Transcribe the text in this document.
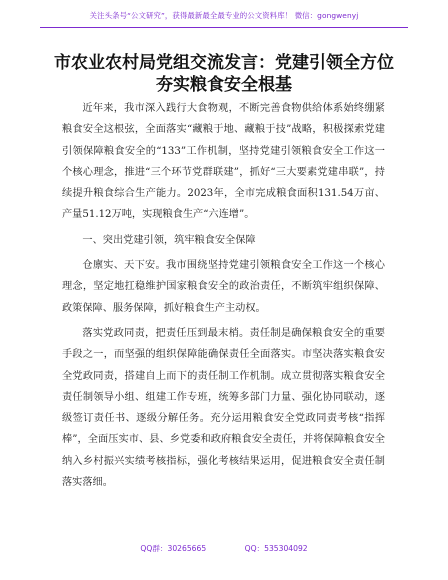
关注头条号“公文研究”，获得最新最全最专业的公文资料库！ 微信：gongwenyj
市农业农村局党组交流发言：党建引领全方位
夯实粮食安全根基

近年来，我市深入践行大食物观，不断完善食物供给体系始终绷紧粮食安全这根弦，全面落实“藏粮于地、藏粮于技”战略，积极探索党建引领保障粮食安全的“133”工作机制，坚持党建引领粮食安全工作这一个核心理念，推进“三个环节党群联建”，抓好“三大要素党建串联”，持续提升粮食综合生产能力。2023年，全市完成粮食面积131.54万亩、产量51.12万吨，实现粮食生产“六连增”。

一、突出党建引领，筑牢粮食安全保障

仓廪实、天下安。我市围绕坚持党建引领粮食安全工作这一个核心理念，坚定地扛稳维护国家粮食安全的政治责任，不断筑牢组织保障、政策保障、服务保障，抓好粮食生产主动权。

落实党政同责，把责任压到最末梢。责任制是确保粮食安全的重要手段之一，而坚强的组织保障能确保责任全面落实。市坚决落实粮食安全党政同责，搭建自上而下的责任制工作机制。成立贯彻落实粮食安全责任制领导小组、组建工作专班，统筹多部门力量、强化协同联动，逐级签订责任书、逐级分解任务。充分运用粮食安全党政同责考核“指挥棒”，全面压实市、县、乡党委和政府粮食安全责任，并将保障粮食安全纳入乡村振兴实绩考核指标，强化考核结果运用，促进粮食安全责任制落实落细。

QQ群：30265665	QQ：535304092
